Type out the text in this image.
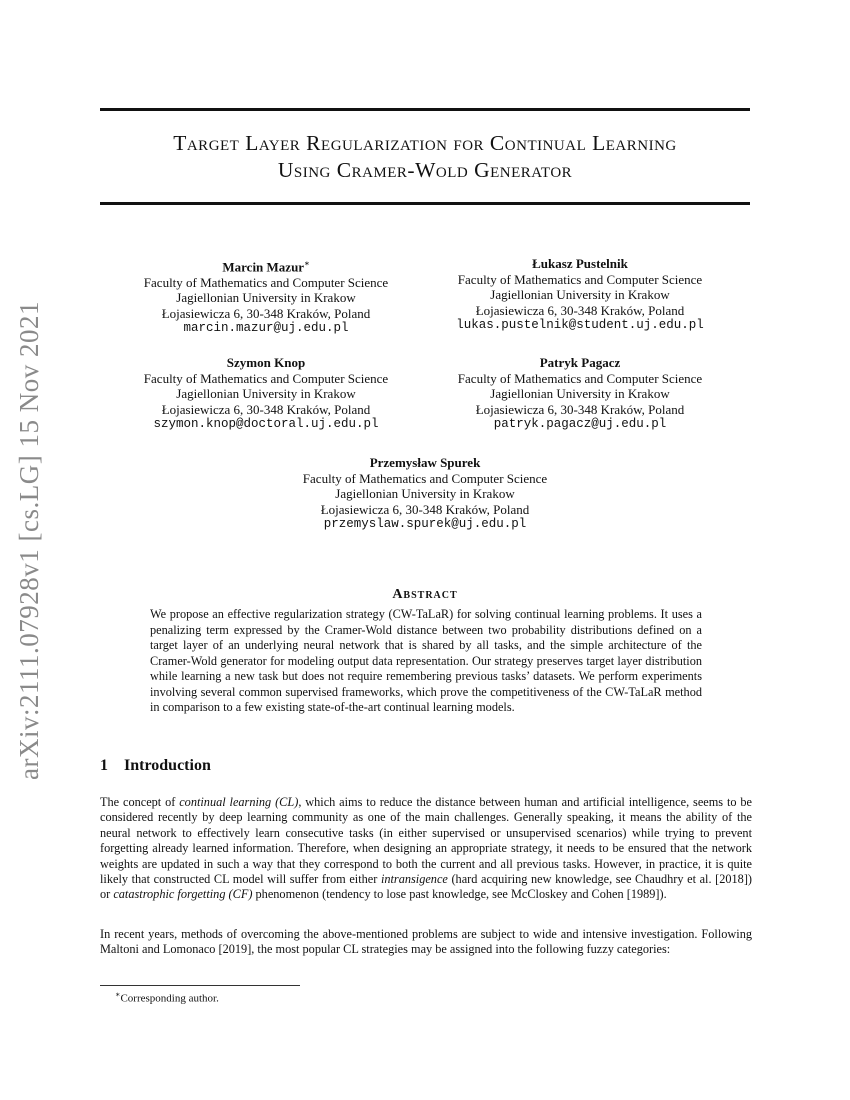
arXiv:2111.07928v1 [cs.LG] 15 Nov 2021
Target Layer Regularization for Continual Learning
Using Cramer-Wold Generator
Marcin Mazur∗
Faculty of Mathematics and Computer Science
Jagiellonian University in Krakow
Łojasiewicza 6, 30-348 Kraków, Poland
marcin.mazur@uj.edu.pl
Łukasz Pustelnik
Faculty of Mathematics and Computer Science
Jagiellonian University in Krakow
Łojasiewicza 6, 30-348 Kraków, Poland
lukas.pustelnik@student.uj.edu.pl
Szymon Knop
Faculty of Mathematics and Computer Science
Jagiellonian University in Krakow
Łojasiewicza 6, 30-348 Kraków, Poland
szymon.knop@doctoral.uj.edu.pl
Patryk Pagacz
Faculty of Mathematics and Computer Science
Jagiellonian University in Krakow
Łojasiewicza 6, 30-348 Kraków, Poland
patryk.pagacz@uj.edu.pl
Przemysław Spurek
Faculty of Mathematics and Computer Science
Jagiellonian University in Krakow
Łojasiewicza 6, 30-348 Kraków, Poland
przemyslaw.spurek@uj.edu.pl
Abstract
We propose an effective regularization strategy (CW-TaLaR) for solving continual learning problems. It uses a penalizing term expressed by the Cramer-Wold distance between two probability distributions defined on a target layer of an underlying neural network that is shared by all tasks, and the simple architecture of the Cramer-Wold generator for modeling output data representation. Our strategy preserves target layer distribution while learning a new task but does not require remembering previous tasks’ datasets. We perform experiments involving several common supervised frameworks, which prove the competitiveness of the CW-TaLaR method in comparison to a few existing state-of-the-art continual learning models.
1 Introduction
The concept of continual learning (CL), which aims to reduce the distance between human and artificial intelligence, seems to be considered recently by deep learning community as one of the main challenges. Generally speaking, it means the ability of the neural network to effectively learn consecutive tasks (in either supervised or unsupervised scenarios) while trying to prevent forgetting already learned information. Therefore, when designing an appropriate strategy, it needs to be ensured that the network weights are updated in such a way that they correspond to both the current and all previous tasks. However, in practice, it is quite likely that constructed CL model will suffer from either intransigence (hard acquiring new knowledge, see Chaudhry et al. [2018]) or catastrophic forgetting (CF) phenomenon (tendency to lose past knowledge, see McCloskey and Cohen [1989]).
In recent years, methods of overcoming the above-mentioned problems are subject to wide and intensive investigation. Following Maltoni and Lomonaco [2019], the most popular CL strategies may be assigned into the following fuzzy categories:
∗Corresponding author.
